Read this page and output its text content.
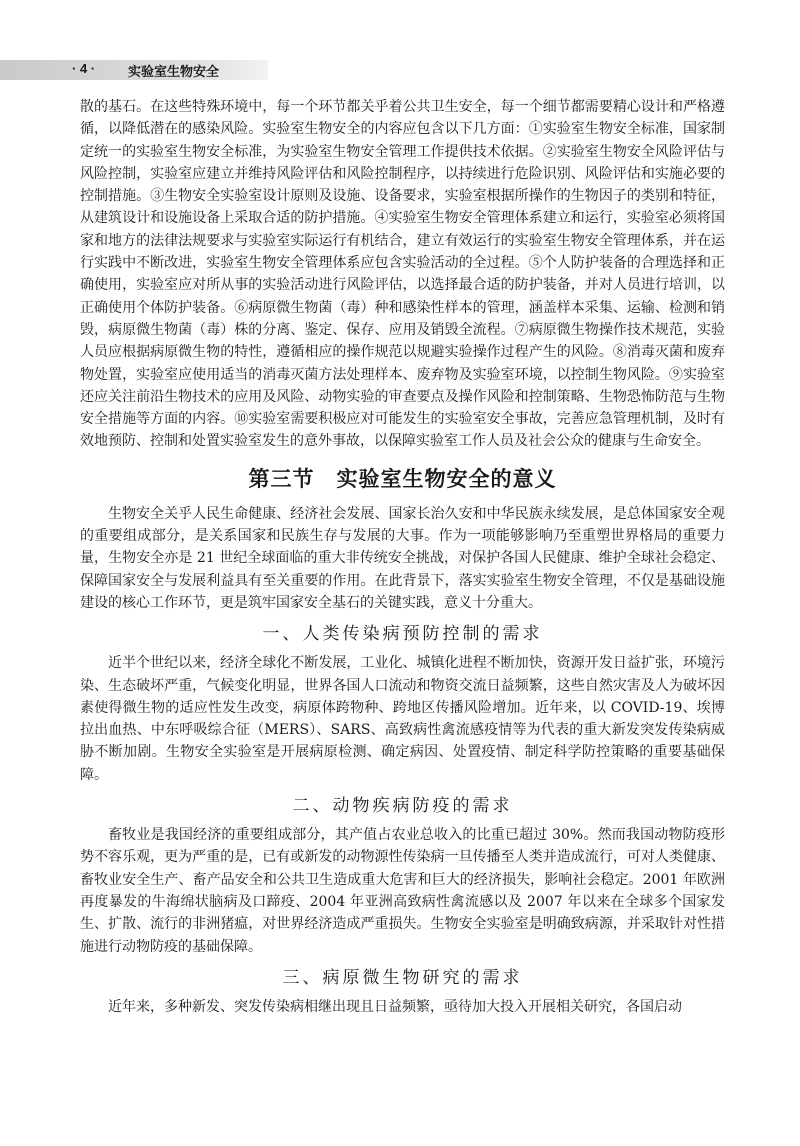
· 4 ·	实验室生物安全

散的基石。在这些特殊环境中，每一个环节都关乎着公共卫生安全，每一个细节都需要精心设计和严格遵循，以降低潜在的感染风险。实验室生物安全的内容应包含以下几方面：①实验室生物安全标准，国家制定统一的实验室生物安全标准，为实验室生物安全管理工作提供技术依据。②实验室生物安全风险评估与风险控制，实验室应建立并维持风险评估和风险控制程序，以持续进行危险识别、风险评估和实施必要的控制措施。③生物安全实验室设计原则及设施、设备要求，实验室根据所操作的生物因子的类别和特征，从建筑设计和设施设备上采取合适的防护措施。④实验室生物安全管理体系建立和运行，实验室必须将国家和地方的法律法规要求与实验室实际运行有机结合，建立有效运行的实验室生物安全管理体系，并在运行实践中不断改进，实验室生物安全管理体系应包含实验活动的全过程。⑤个人防护装备的合理选择和正确使用，实验室应对所从事的实验活动进行风险评估，以选择最合适的防护装备，并对人员进行培训，以正确使用个体防护装备。⑥病原微生物菌（毒）种和感染性样本的管理，涵盖样本采集、运输、检测和销毁，病原微生物菌（毒）株的分离、鉴定、保存、应用及销毁全流程。⑦病原微生物操作技术规范，实验人员应根据病原微生物的特性，遵循相应的操作规范以规避实验操作过程产生的风险。⑧消毒灭菌和废弃物处置，实验室应使用适当的消毒灭菌方法处理样本、废弃物及实验室环境，以控制生物风险。⑨实验室还应关注前沿生物技术的应用及风险、动物实验的审查要点及操作风险和控制策略、生物恐怖防范与生物安全措施等方面的内容。⑩实验室需要积极应对可能发生的实验室安全事故，完善应急管理机制，及时有效地预防、控制和处置实验室发生的意外事故，以保障实验室工作人员及社会公众的健康与生命安全。

第三节　实验室生物安全的意义

生物安全关乎人民生命健康、经济社会发展、国家长治久安和中华民族永续发展，是总体国家安全观的重要组成部分，是关系国家和民族生存与发展的大事。作为一项能够影响乃至重塑世界格局的重要力量，生物安全亦是 21 世纪全球面临的重大非传统安全挑战，对保护各国人民健康、维护全球社会稳定、保障国家安全与发展利益具有至关重要的作用。在此背景下，落实实验室生物安全管理，不仅是基础设施建设的核心工作环节，更是筑牢国家安全基石的关键实践，意义十分重大。

一、人类传染病预防控制的需求

近半个世纪以来，经济全球化不断发展，工业化、城镇化进程不断加快，资源开发日益扩张，环境污染、生态破坏严重，气候变化明显，世界各国人口流动和物资交流日益频繁，这些自然灾害及人为破坏因素使得微生物的适应性发生改变，病原体跨物种、跨地区传播风险增加。近年来，以 COVID-19、埃博拉出血热、中东呼吸综合征（MERS）、SARS、高致病性禽流感疫情等为代表的重大新发突发传染病威胁不断加剧。生物安全实验室是开展病原检测、确定病因、处置疫情、制定科学防控策略的重要基础保障。

二、动物疾病防疫的需求

畜牧业是我国经济的重要组成部分，其产值占农业总收入的比重已超过 30%。然而我国动物防疫形势不容乐观，更为严重的是，已有或新发的动物源性传染病一旦传播至人类并造成流行，可对人类健康、畜牧业安全生产、畜产品安全和公共卫生造成重大危害和巨大的经济损失，影响社会稳定。2001 年欧洲再度暴发的牛海绵状脑病及口蹄疫、2004 年亚洲高致病性禽流感以及 2007 年以来在全球多个国家发生、扩散、流行的非洲猪瘟，对世界经济造成严重损失。生物安全实验室是明确致病源，并采取针对性措施进行动物防疫的基础保障。

三、病原微生物研究的需求

近年来，多种新发、突发传染病相继出现且日益频繁，亟待加大投入开展相关研究，各国启动
